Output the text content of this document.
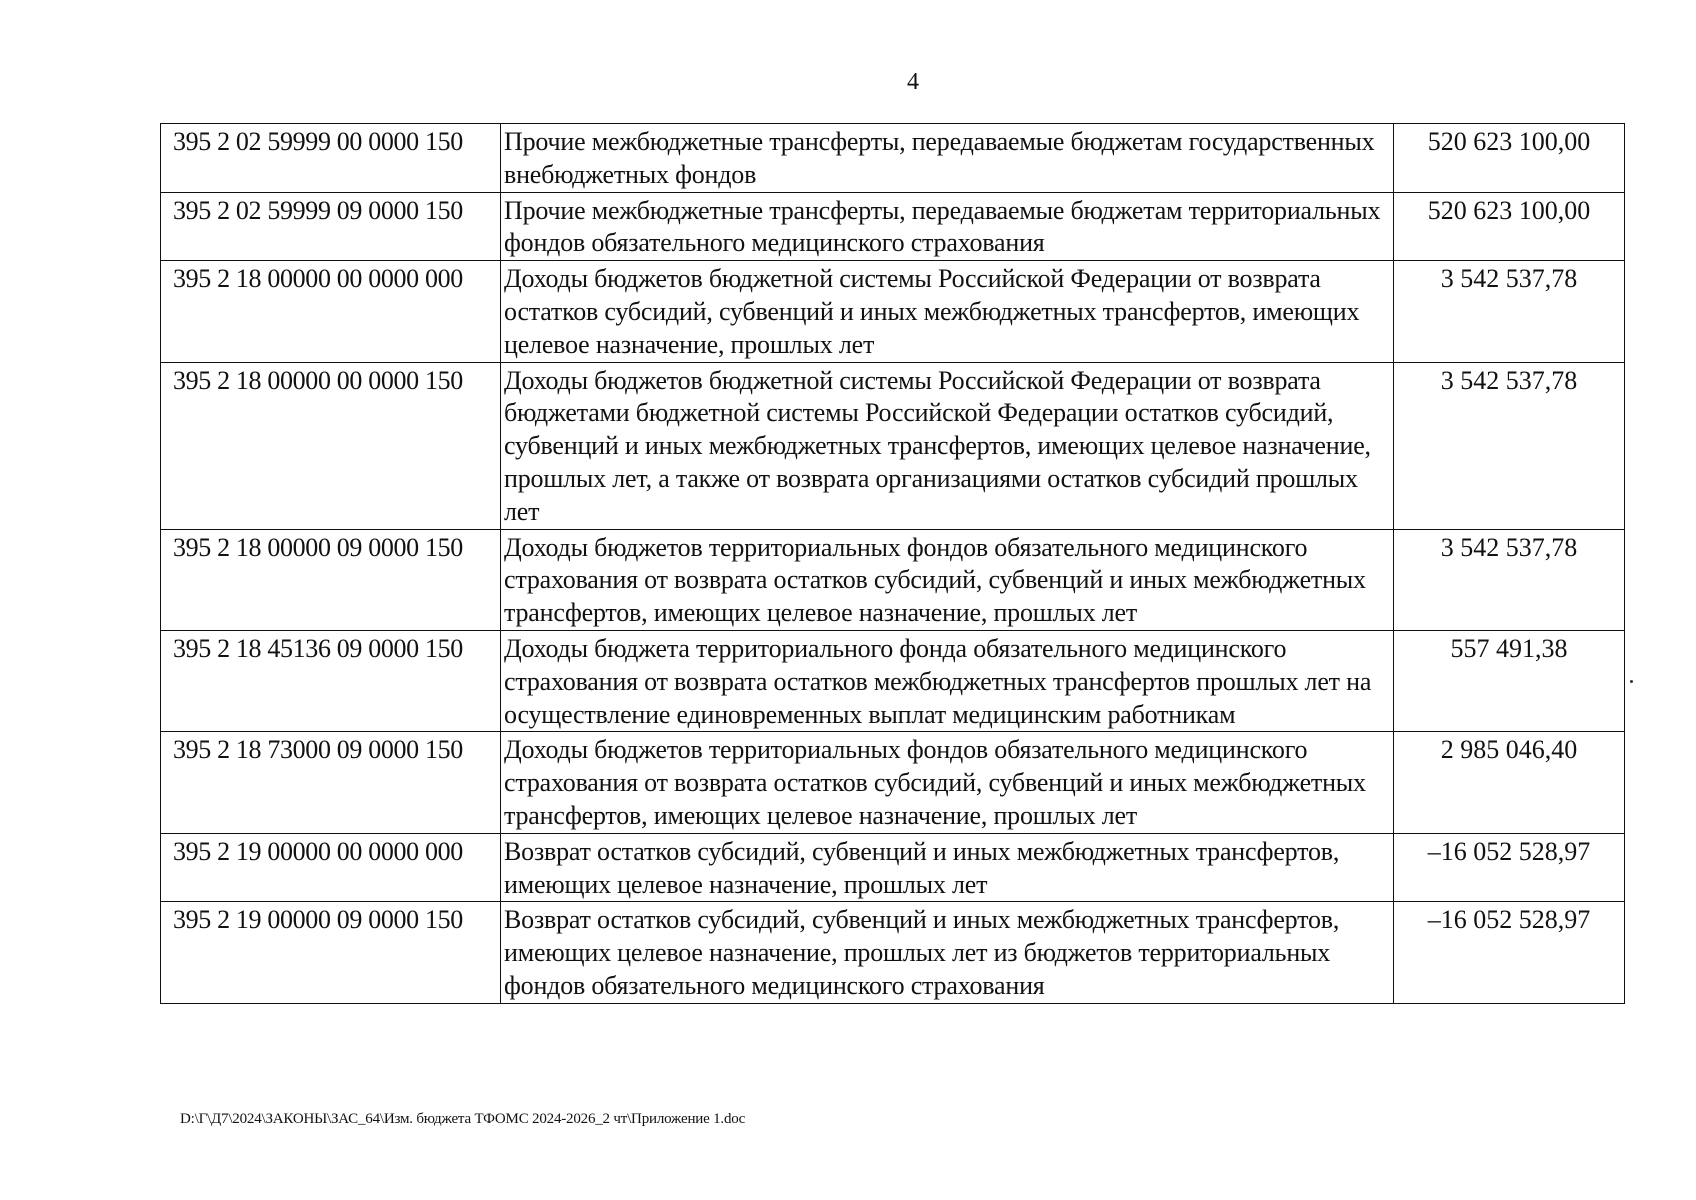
4
395 2 02 59999 00 0000 150	Прочие межбюджетные трансферты, передаваемые бюджетам государственных внебюджетных фондов	520 623 100,00
395 2 02 59999 09 0000 150	Прочие межбюджетные трансферты, передаваемые бюджетам территориальных фондов обязательного медицинского страхования	520 623 100,00
395 2 18 00000 00 0000 000	Доходы бюджетов бюджетной системы Российской Федерации от возврата остатков субсидий, субвенций и иных межбюджетных трансфертов, имеющих целевое назначение, прошлых лет	3 542 537,78
395 2 18 00000 00 0000 150	Доходы бюджетов бюджетной системы Российской Федерации от возврата бюджетами бюджетной системы Российской Федерации остатков субсидий, субвенций и иных межбюджетных трансфертов, имеющих целевое назначение, прошлых лет, а также от возврата организациями остатков субсидий прошлых лет	3 542 537,78
395 2 18 00000 09 0000 150	Доходы бюджетов территориальных фондов обязательного медицинского страхования от возврата остатков субсидий, субвенций и иных межбюджетных трансфертов, имеющих целевое назначение, прошлых лет	3 542 537,78
395 2 18 45136 09 0000 150	Доходы бюджета территориального фонда обязательного медицинского страхования от возврата остатков межбюджетных трансфертов прошлых лет на осуществление единовременных выплат медицинским работникам	557 491,38
395 2 18 73000 09 0000 150	Доходы бюджетов территориальных фондов обязательного медицинского страхования от возврата остатков субсидий, субвенций и иных межбюджетных трансфертов, имеющих целевое назначение, прошлых лет	2 985 046,40
395 2 19 00000 00 0000 000	Возврат остатков субсидий, субвенций и иных межбюджетных трансфертов, имеющих целевое назначение, прошлых лет	–16 052 528,97
395 2 19 00000 09 0000 150	Возврат остатков субсидий, субвенций и иных межбюджетных трансфертов, имеющих целевое назначение, прошлых лет из бюджетов территориальных фондов обязательного медицинского страхования	–16 052 528,97
D:\Г\Д7\2024\ЗАКОНЫ\ЗАС_64\Изм. бюджета ТФОМС 2024-2026_2 чт\Приложение 1.doc
